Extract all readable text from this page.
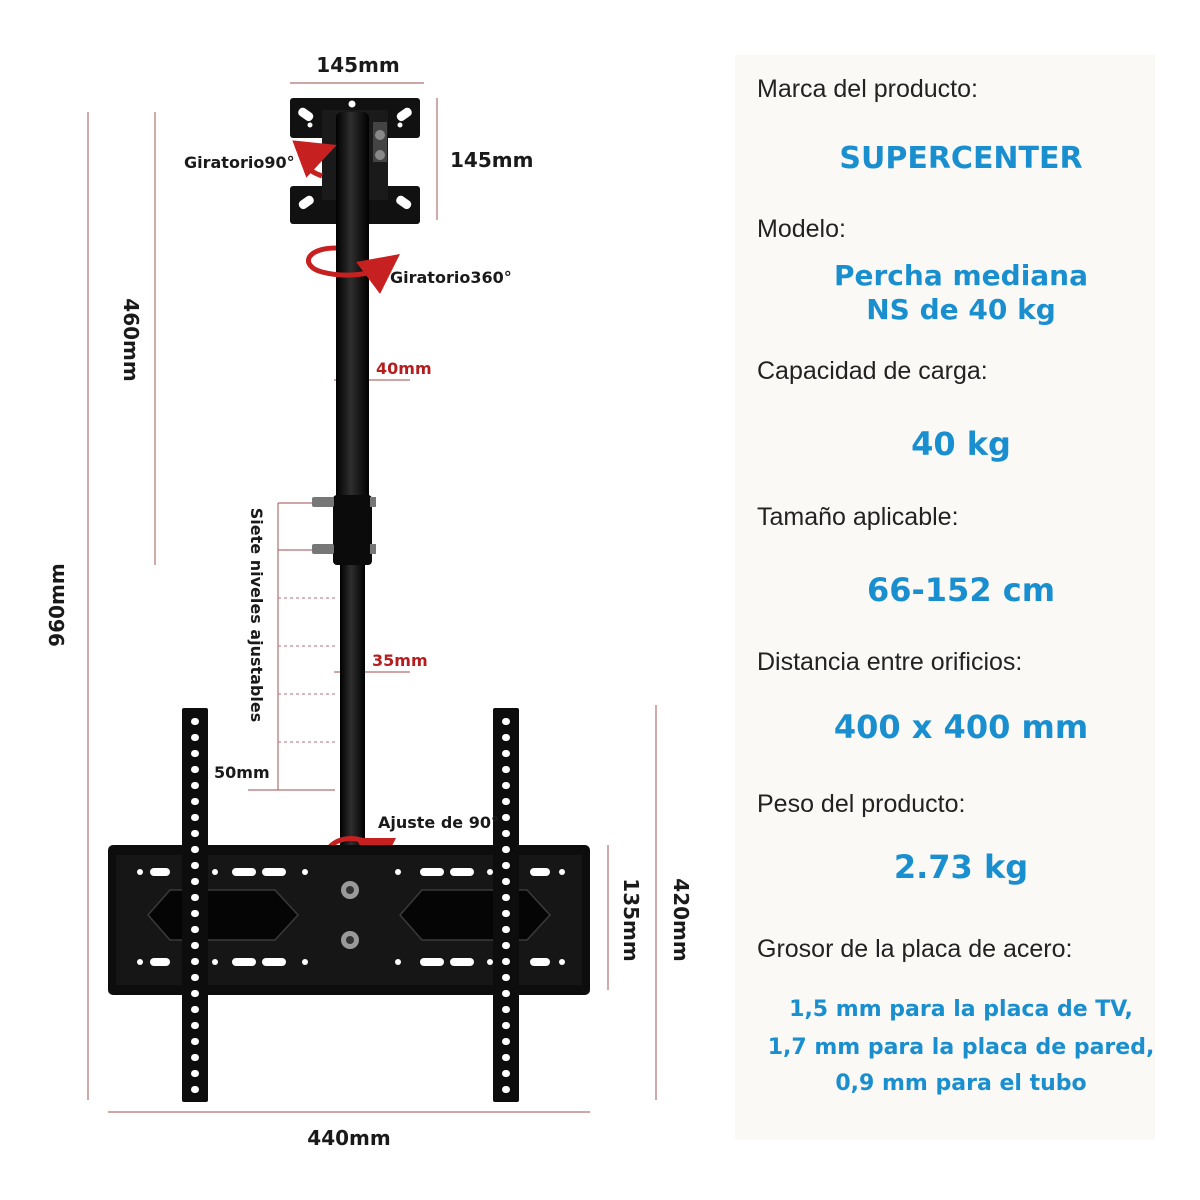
145mm
145mm
Giratorio90°
Giratorio360°
460mm
960mm
40mm
35mm
Siete niveles ajustables
50mm
Ajuste de 90°
135mm 420mm
440mm
Marca del producto:
SUPERCENTER
Modelo:
Percha mediana
NS de 40 kg
Capacidad de carga:
40 kg
Tamaño aplicable:
66-152 cm
Distancia entre orificios:
400 x 400 mm
Peso del producto:
2.73 kg
Grosor de la placa de acero:
1,5 mm para la placa de TV,
1,7 mm para la placa de pared,
0,9 mm para el tubo
